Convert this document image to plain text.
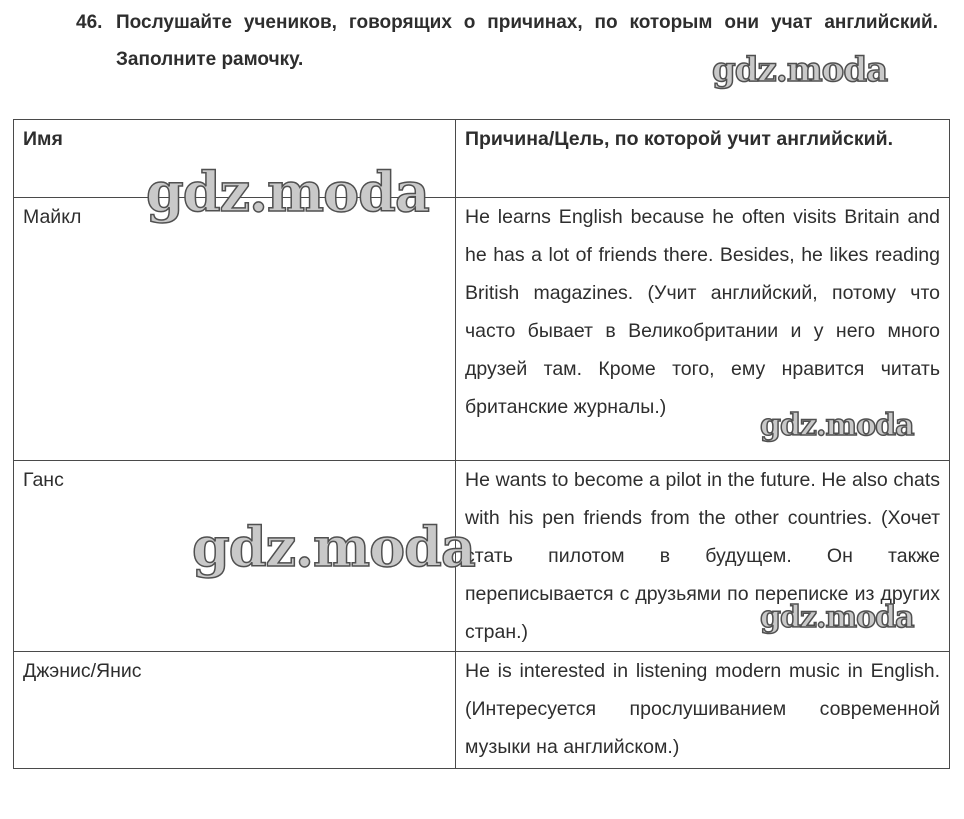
46. Послушайте учеников, говорящих о причинах, по которым они учат английский. Заполните рамочку.
Имя	Причина/Цель, по которой учит английский.
Майкл	He learns English because he often visits Britain and he has a lot of friends there. Besides, he likes reading British magazines. (Учит английский, потому что часто бывает в Великобритании и у него много друзей там. Кроме того, ему нравится читать британские журналы.)
Ганс	He wants to become a pilot in the future. He also chats with his pen friends from the other countries. (Хочет стать пилотом в будущем. Он также переписывается с друзьями по переписке из других стран.)
Джэнис/Янис	He is interested in listening modern music in English. (Интересуется прослушиванием современной музыки на английском.)
gdz.moda
gdz.moda
gdz.moda
gdz.moda
gdz.moda
